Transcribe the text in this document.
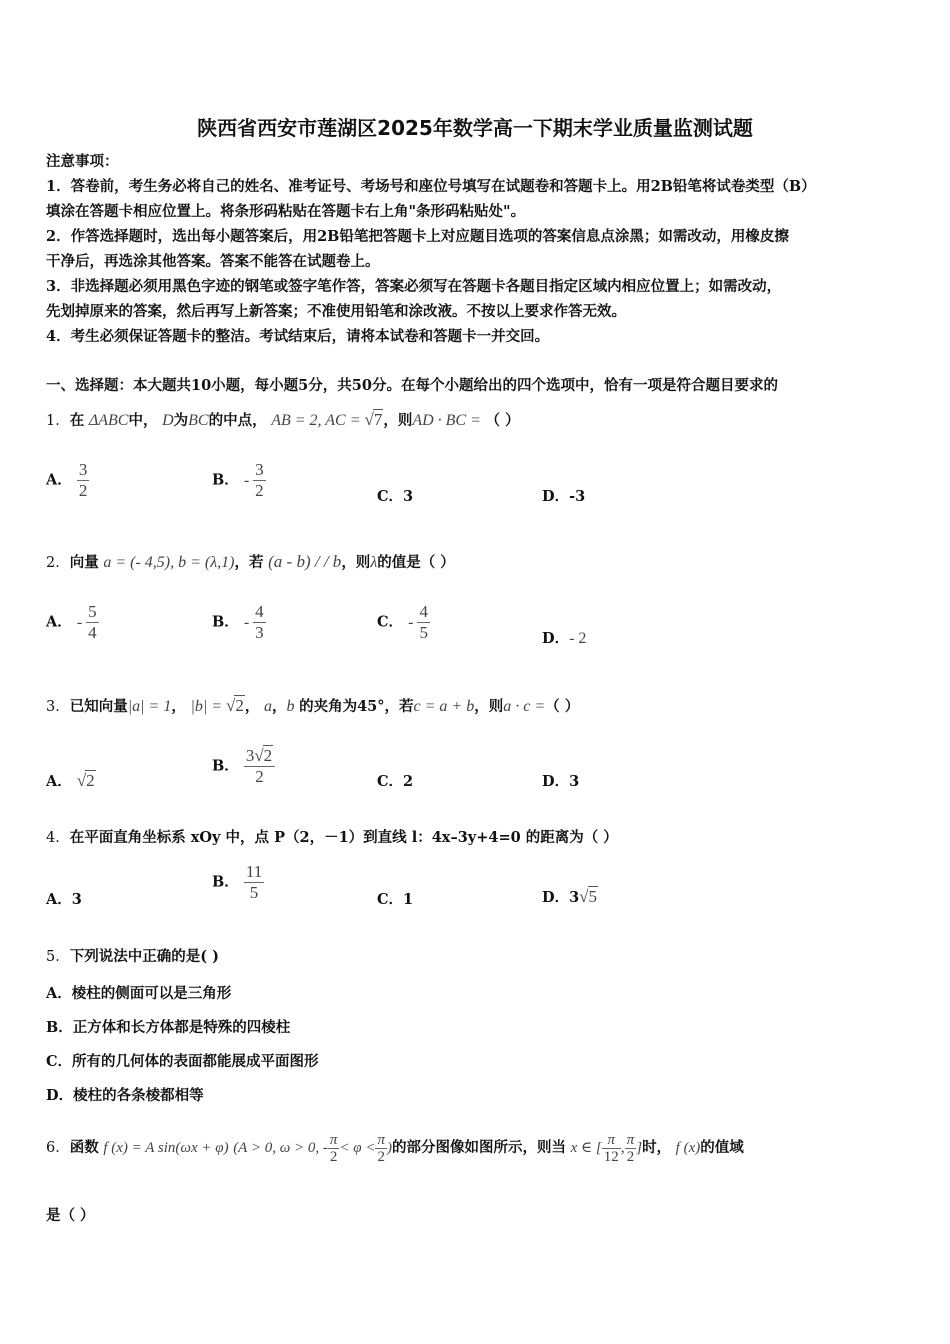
陕西省西安市莲湖区2025年数学高一下期末学业质量监测试题
注意事项：
1．答卷前，考生务必将自己的姓名、准考证号、考场号和座位号填写在试题卷和答题卡上。用2B铅笔将试卷类型（B）
填涂在答题卡相应位置上。将条形码粘贴在答题卡右上角"条形码粘贴处"。
2．作答选择题时，选出每小题答案后，用2B铅笔把答题卡上对应题目选项的答案信息点涂黑；如需改动，用橡皮擦
干净后，再选涂其他答案。答案不能答在试题卷上。
3．非选择题必须用黑色字迹的钢笔或签字笔作答，答案必须写在答题卡各题目指定区域内相应位置上；如需改动，
先划掉原来的答案，然后再写上新答案；不准使用铅笔和涂改液。不按以上要求作答无效。
4．考生必须保证答题卡的整洁。考试结束后，请将本试卷和答题卡一并交回。
一、选择题：本大题共10小题，每小题5分，共50分。在每个小题给出的四个选项中，恰有一项是符合题目要求的
1．在 ΔABC中， D为BC的中点， AB = 2, AC = √7，则AD · BC = （ ）
A． $\frac{3}{2}$	B． - $\frac{3}{2}$	C．3	D．-3
2．向量 a = (- 4,5), b = (λ,1)，若 (a - b) / / b，则λ的值是（ ）
A． - $\frac{5}{4}$	B． - $\frac{4}{3}$	C． - $\frac{4}{5}$	D．- 2
3．已知向量|a| = 1， |b| = √2， a，b 的夹角为45°，若c = a + b，则a · c =（ ）
A． √2
B． $\frac{3√2}{2}$	C．2	D．3
4．在平面直角坐标系 xOy 中，点 P（2，－1）到直线 l：4x–3y+4=0 的距离为（ ）
A．3
B． $\frac{11}{5}$	C．1	D．3√5
5．下列说法中正确的是( )
A．棱柱的侧面可以是三角形
B．正方体和长方体都是特殊的四棱柱
C．所有的几何体的表面都能展成平面图形
D．棱柱的各条棱都相等
6．函数 f (x) = A sin(ωx + φ) (A > 0, ω > 0, - $\frac{\pi}{2} < \varphi < \frac{\pi}{2}$ )的部分图像如图所示，则当 x ∈ [ $\frac{\pi}{12}$ , $\frac{\pi}{2}$ ]时， f (x)的值域
是（ ）
